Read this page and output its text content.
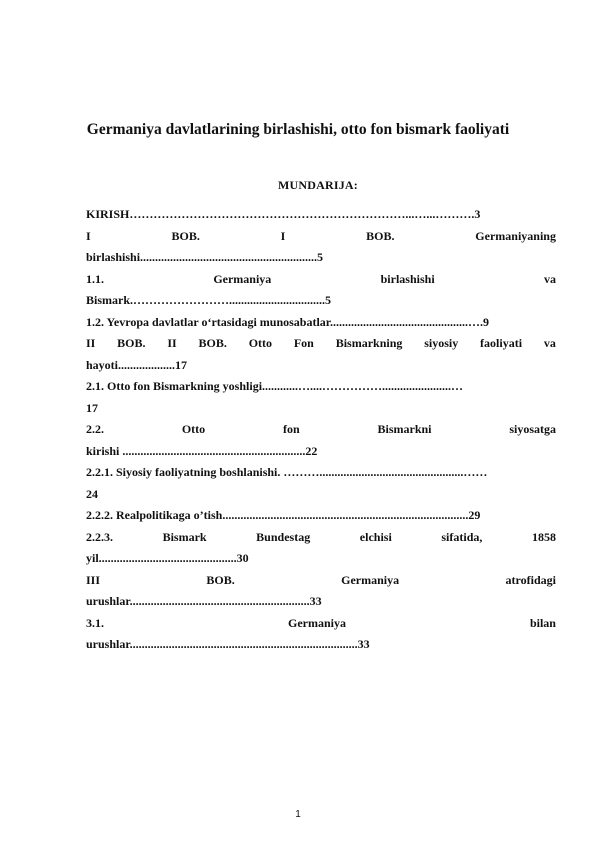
Germaniya davlatlarining birlashishi, otto fon bismark faoliyati
MUNDARIJA:
KIRISH……………………………………………………………...…...……….3
I	BOB.	I	BOB.	Germaniyaning
birlashishi...........................................................5
1.1.	Germaniya	birlashishi	va
Bismark.……………………................................5
1.2. Yevropa davlatlar o‘rtasidagi munosabatlar..............................................….9
II BOB. II BOB. Otto Fon Bismarkning siyosiy faoliyati va
hayoti...................17
2.1. Otto fon Bismarkning yoshligi............…....…………….......................…
17
2.2.	Otto	fon	Bismarkni	siyosatga
kirishi .............................................................22
2.2.1. Siyosiy faoliyatning boshlanishi. ………................................................……
24
2.2.2. Realpolitikaga o’tish..................................................................................29
2.2.3.	Bismark	Bundestag	elchisi	sifatida,	1858
yil..............................................30
III	BOB.	Germaniya	atrofidagi
urushlar............................................................33
3.1.	Germaniya	bilan
urushlar............................................................................33
1
